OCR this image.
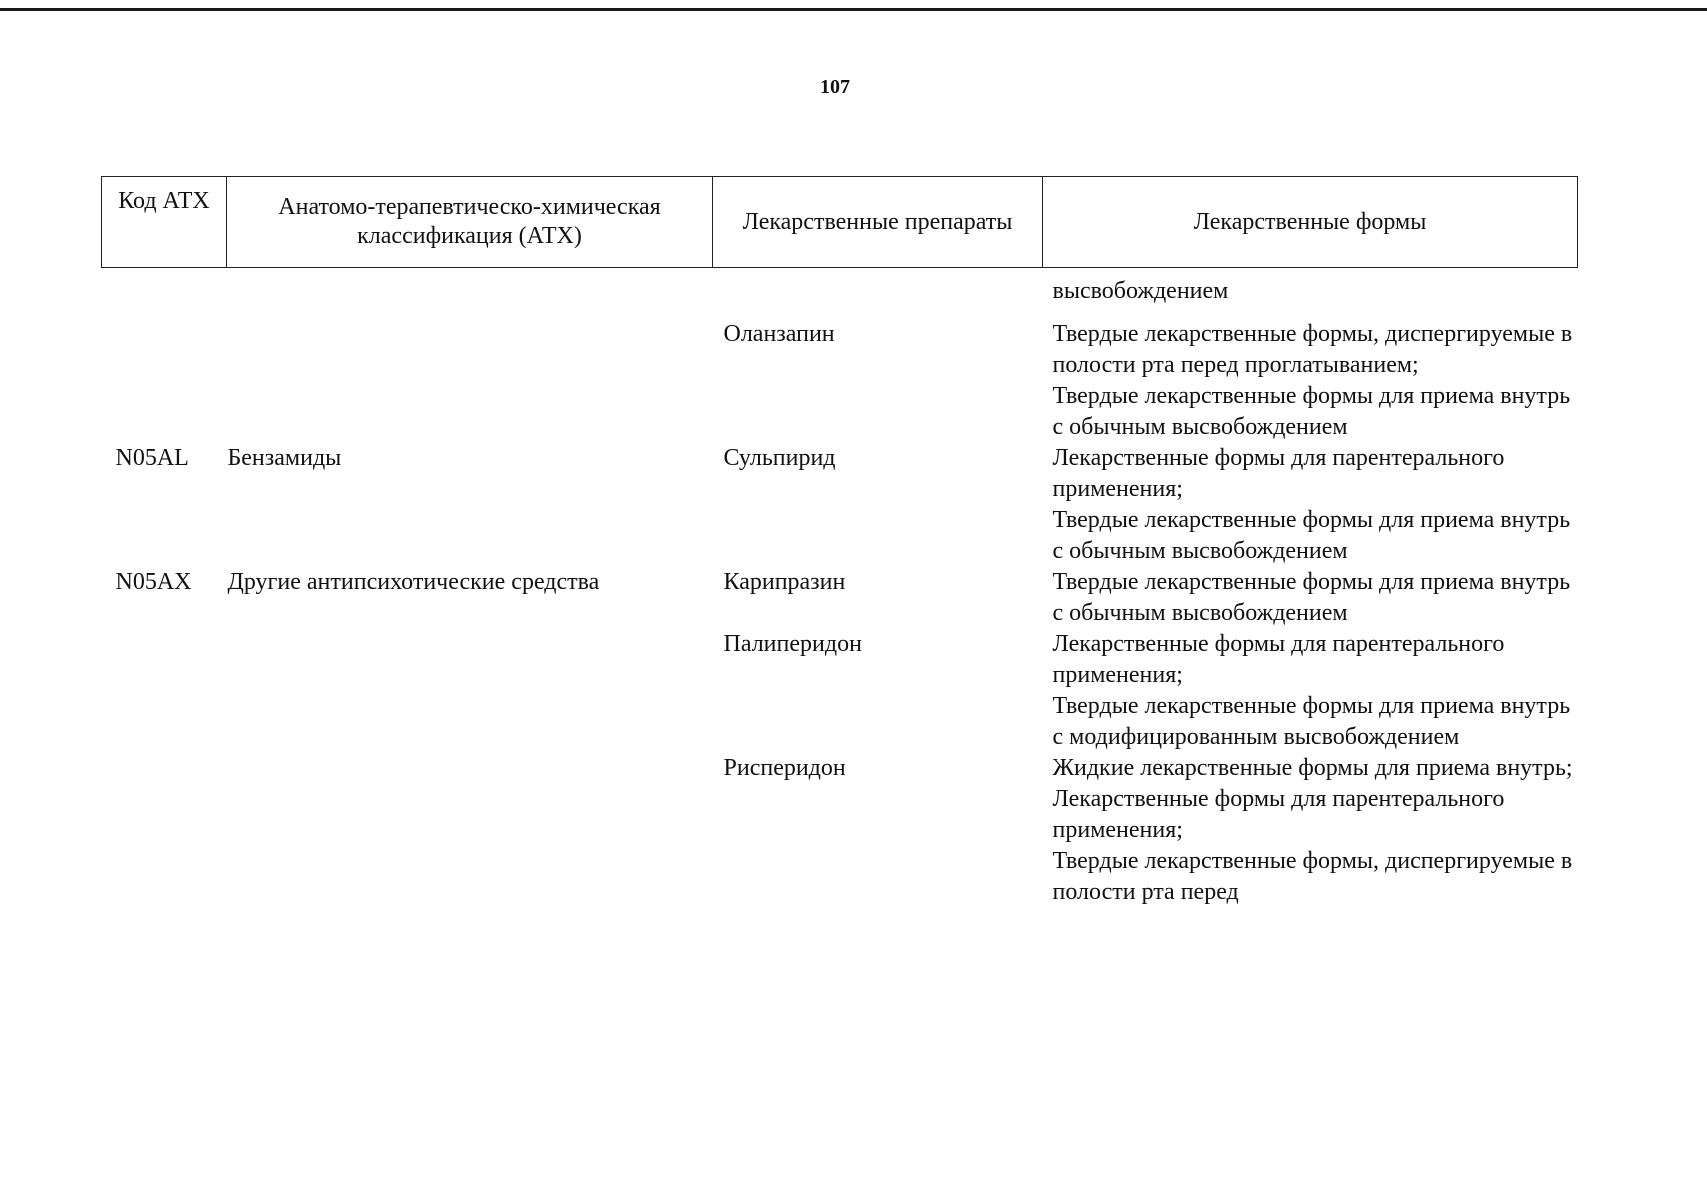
107
Код АТХ	Анатомо-терапевтическо-химическая классификация (АТХ)	Лекарственные препараты	Лекарственные формы

			высвобождением

		Оланзапин	Твердые лекарственные формы, диспергируемые в полости рта перед проглатыванием;
Твердые лекарственные формы для приема внутрь с обычным высвобождением

N05AL	Бензамиды	Сульпирид	Лекарственные формы для парентерального применения;
Твердые лекарственные формы для приема внутрь с обычным высвобождением

N05AX	Другие антипсихотические средства	Карипразин	Твердые лекарственные формы для приема внутрь с обычным высвобождением

		Палиперидон	Лекарственные формы для парентерального применения;
Твердые лекарственные формы для приема внутрь с модифицированным высвобождением

		Рисперидон	Жидкие лекарственные формы для приема внутрь;
Лекарственные формы для парентерального применения;
Твердые лекарственные формы, диспергируемые в полости рта перед
